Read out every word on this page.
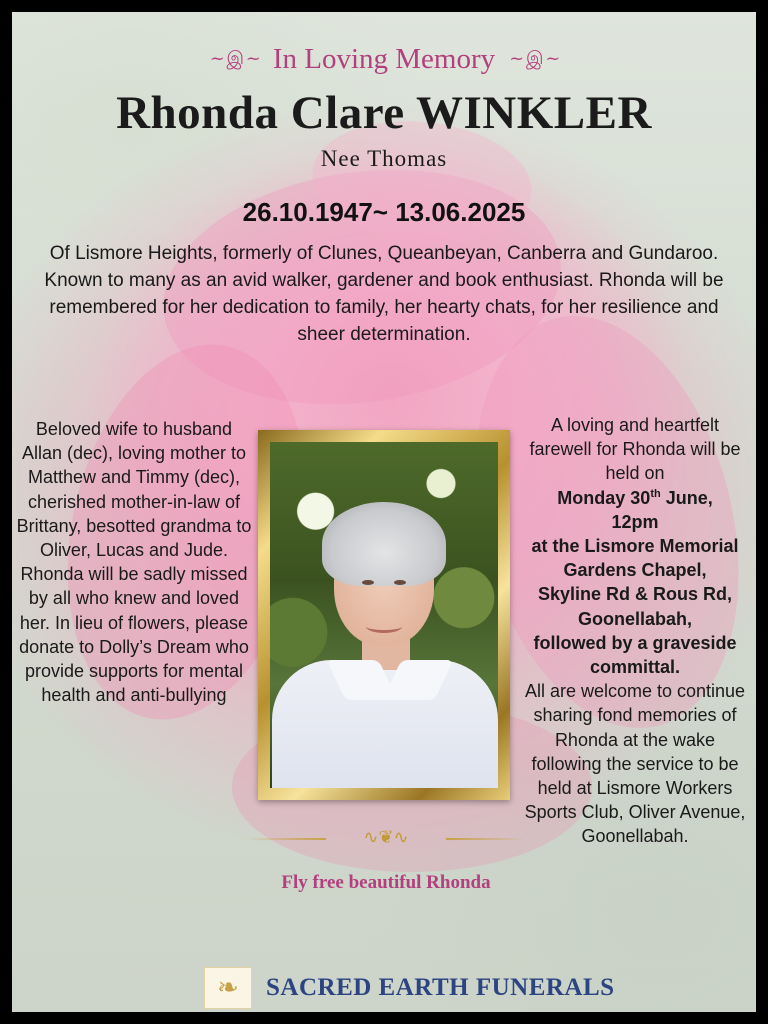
~ இ ~ In Loving Memory ~ இ ~
Rhonda Clare WINKLER
Nee Thomas
26.10.1947~ 13.06.2025

Of Lismore Heights, formerly of Clunes, Queanbeyan, Canberra and Gundaroo.

Known to many as an avid walker, gardener and book enthusiast. Rhonda will be remembered for her dedication to family, her hearty chats, for her resilience and sheer determination.

Beloved wife to husband Allan (dec), loving mother to Matthew and Timmy (dec), cherished mother-in-law of Brittany, besotted grandma to Oliver, Lucas and Jude. Rhonda will be sadly missed by all who knew and loved her. In lieu of flowers, please donate to Dolly’s Dream who provide supports for mental health and anti-bullying

A loving and heartfelt farewell for Rhonda will be held on

Monday 30th June,

12pm

at the Lismore Memorial Gardens Chapel,

Skyline Rd & Rous Rd, Goonellabah,

followed by a graveside committal.

All are welcome to continue sharing fond memories of Rhonda at the wake following the service to be held at Lismore Workers Sports Club, Oliver Avenue, Goonellabah.

∿❦∿
Fly free beautiful Rhonda
❧	SACRED EARTH FUNERALS
